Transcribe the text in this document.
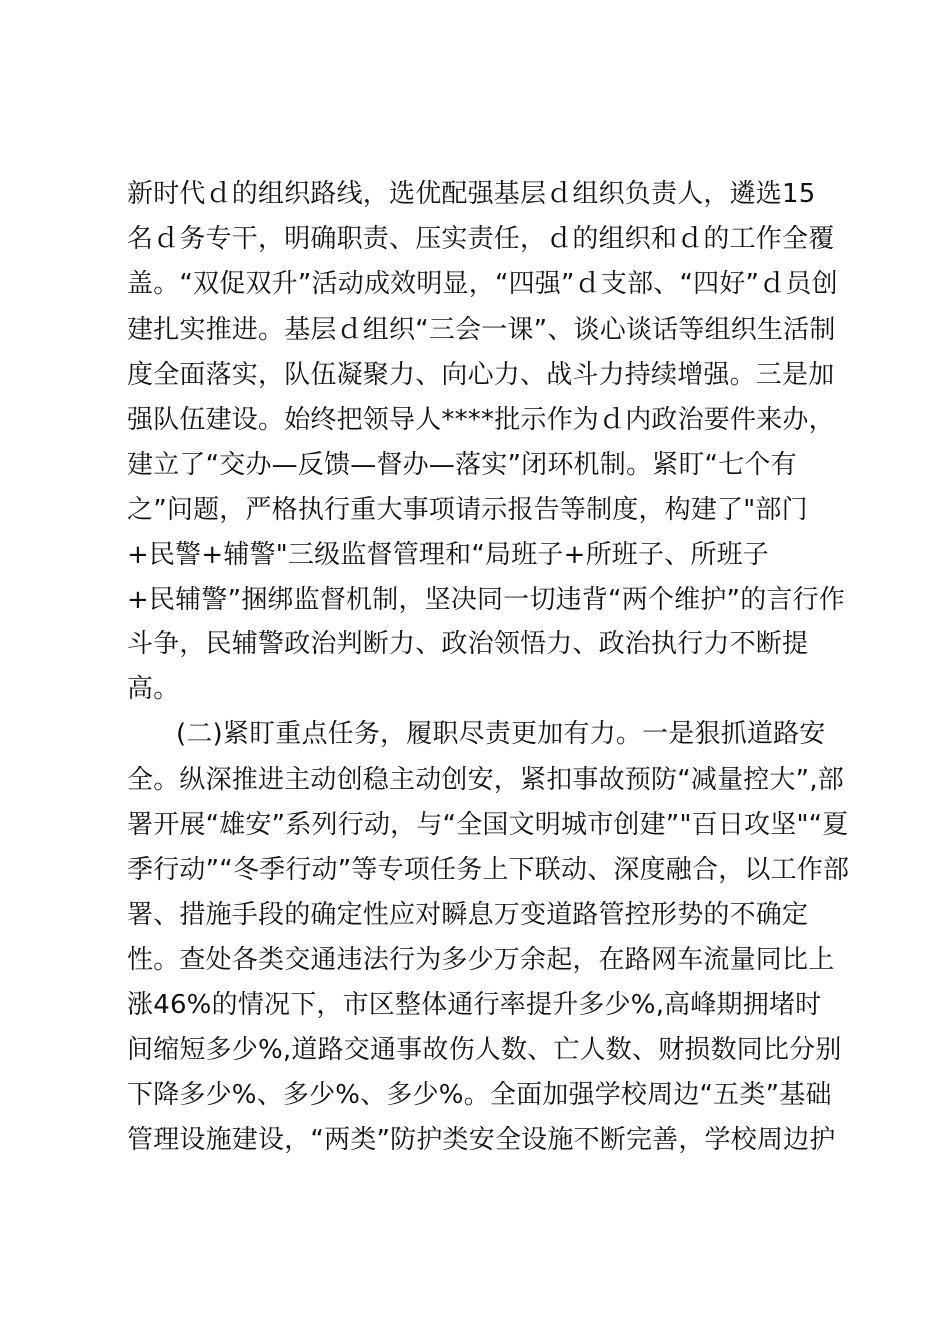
新时代ｄ的组织路线，选优配强基层ｄ组织负责人，遴选15
名ｄ务专干，明确职责、压实责任，ｄ的组织和ｄ的工作全覆
盖。“双促双升”活动成效明显，“四强”ｄ支部、“四好”ｄ员创
建扎实推进。基层ｄ组织“三会一课”、谈心谈话等组织生活制
度全面落实，队伍凝聚力、向心力、战斗力持续增强。三是加
强队伍建设。始终把领导人****批示作为ｄ内政治要件来办，
建立了“交办—反馈—督办—落实”闭环机制。紧盯“七个有
之”问题，严格执行重大事项请示报告等制度，构建了"部门
+民警+辅警"三级监督管理和“局班子+所班子、所班子
+民辅警”捆绑监督机制，坚决同一切违背“两个维护”的言行作
斗争，民辅警政治判断力、政治领悟力、政治执行力不断提
高。
(二)紧盯重点任务，履职尽责更加有力。一是狠抓道路安
全。纵深推进主动创稳主动创安，紧扣事故预防“减量控大”,部
署开展“雄安”系列行动，与“全国文明城市创建”"百日攻坚"“夏
季行动”“冬季行动”等专项任务上下联动、深度融合，以工作部
署、措施手段的确定性应对瞬息万变道路管控形势的不确定
性。查处各类交通违法行为多少万余起，在路网车流量同比上
涨46%的情况下，市区整体通行率提升多少%,高峰期拥堵时
间缩短多少%,道路交通事故伤人数、亡人数、财损数同比分别
下降多少%、多少%、多少%。全面加强学校周边“五类”基础
管理设施建设，“两类”防护类安全设施不断完善，学校周边护
